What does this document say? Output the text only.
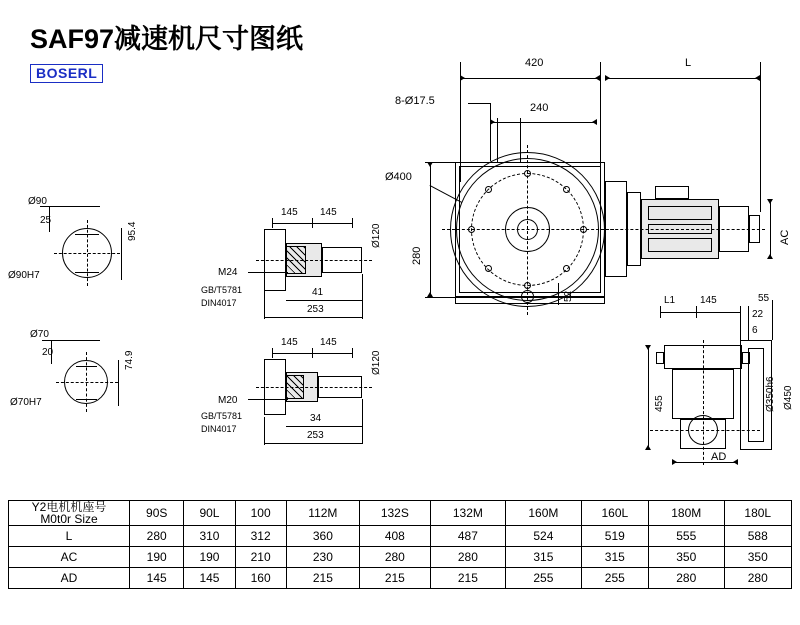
SAF97减速机尺寸图纸
BOSERL
Ø90
25
95.4
Ø90H7
Ø70
20	74.9
Ø70H7
145 145
Ø120
M24
GB/T5781
DIN4017
41
253
145 145
Ø120
M20
GB/T5781
DIN4017
34
253
420	L
8-Ø17.5
240
Ø400
280
52
AC
L1 145	55
22
6
Ø350h6 Ø450
455
AD
Y2电机机座号
M0t0r Size	90S	90L	100	112M	132S	132M	160M	160L	180M	180L
L	280	310	312	360	408	487	524	519	555	588
AC	190	190	210	230	280	280	315	315	350	350
AD	145	145	160	215	215	215	255	255	280	280
